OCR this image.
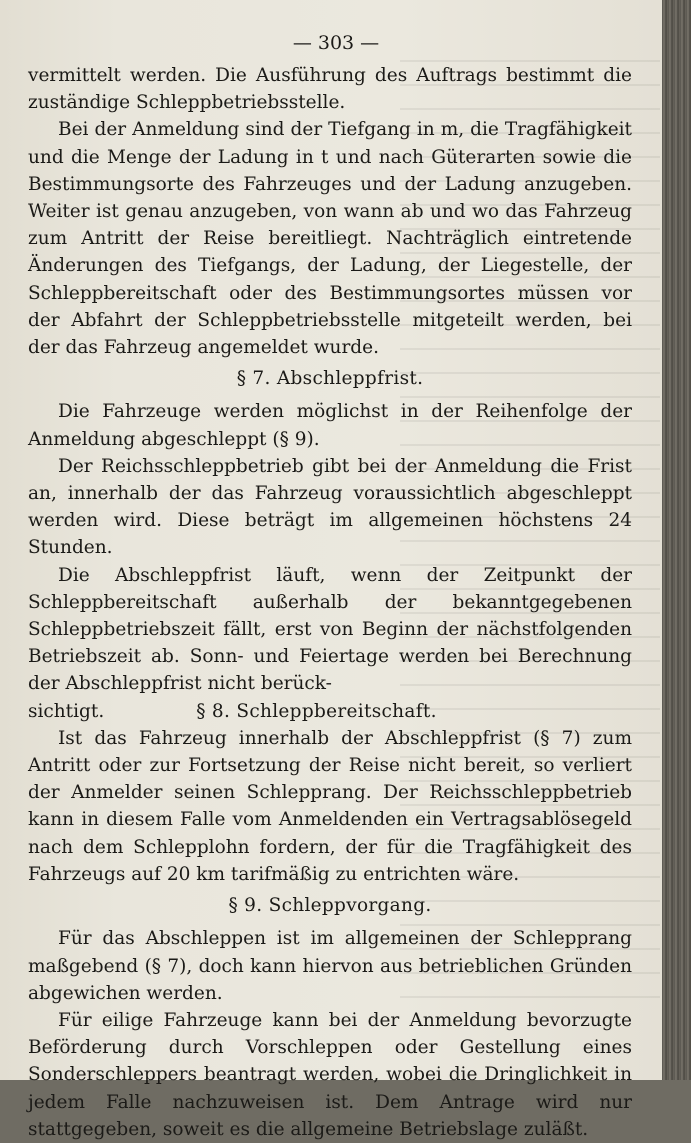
— 303 —

vermittelt werden. Die Ausführung des Auftrags bestimmt die zuständige Schleppbetriebsstelle.

Bei der Anmeldung sind der Tiefgang in m, die Tragfähigkeit und die Menge der Ladung in t und nach Güterarten sowie die Bestimmungsorte des Fahrzeuges und der Ladung anzugeben. Weiter ist genau anzugeben, von wann ab und wo das Fahrzeug zum Antritt der Reise bereitliegt. Nachträglich eintretende Änderungen des Tiefgangs, der Ladung, der Liegestelle, der Schleppbereitschaft oder des Bestimmungsortes müssen vor der Abfahrt der Schleppbetriebsstelle mitgeteilt werden, bei der das Fahrzeug angemeldet wurde.

§ 7. Abschleppfrist.

Die Fahrzeuge werden möglichst in der Reihenfolge der Anmeldung abgeschleppt (§ 9).

Der Reichsschleppbetrieb gibt bei der Anmeldung die Frist an, innerhalb der das Fahrzeug voraussichtlich abgeschleppt werden wird. Diese beträgt im allgemeinen höchstens 24 Stunden.

Die Abschleppfrist läuft, wenn der Zeitpunkt der Schleppbereitschaft außerhalb der bekanntgegebenen Schleppbetriebszeit fällt, erst von Beginn der nächstfolgenden Betriebszeit ab. Sonn- und Feiertage werden bei Berechnung der Abschleppfrist nicht berück-

sichtigt.	§ 8. Schleppbereitschaft.

Ist das Fahrzeug innerhalb der Abschleppfrist (§ 7) zum Antritt oder zur Fortsetzung der Reise nicht bereit, so verliert der Anmelder seinen Schlepprang. Der Reichsschleppbetrieb kann in diesem Falle vom Anmeldenden ein Vertragsablösegeld nach dem Schlepplohn fordern, der für die Tragfähigkeit des Fahrzeugs auf 20 km tarifmäßig zu entrichten wäre.

§ 9. Schleppvorgang.

Für das Abschleppen ist im allgemeinen der Schlepprang maßgebend (§ 7), doch kann hiervon aus betrieblichen Gründen abgewichen werden.

Für eilige Fahrzeuge kann bei der Anmeldung bevorzugte Beförderung durch Vorschleppen oder Gestellung eines Sonderschleppers beantragt werden, wobei die Dringlichkeit in jedem Falle nachzuweisen ist. Dem Antrage wird nur stattgegeben, soweit es die allgemeine Betriebslage zuläßt.
